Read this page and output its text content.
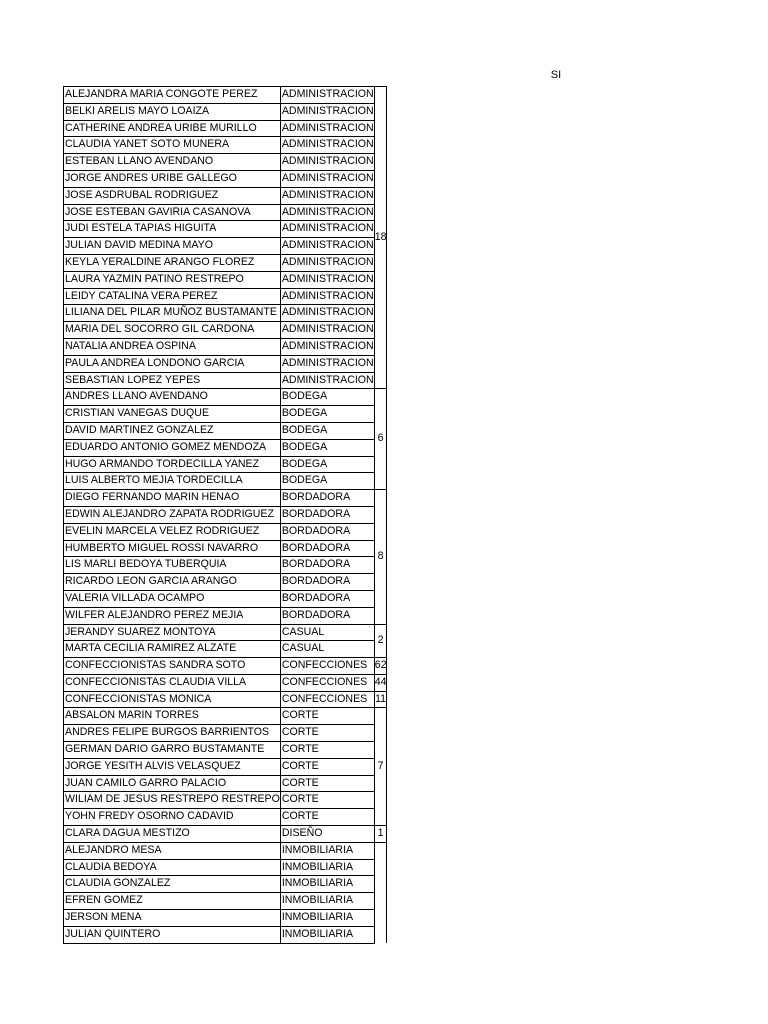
SI
ALEJANDRA MARIA CONGOTE PEREZ	ADMINISTRACION	18
BELKI ARELIS MAYO LOAIZA	ADMINISTRACION	
CATHERINE ANDREA URIBE MURILLO	ADMINISTRACION	
CLAUDIA YANET SOTO MUNERA	ADMINISTRACION	
ESTEBAN LLANO AVENDANO	ADMINISTRACION	
JORGE ANDRES URIBE GALLEGO	ADMINISTRACION	
JOSE ASDRUBAL RODRIGUEZ	ADMINISTRACION	
JOSE ESTEBAN GAVIRIA CASANOVA	ADMINISTRACION	
JUDI ESTELA TAPIAS HIGUITA	ADMINISTRACION	
JULIAN DAVID MEDINA MAYO	ADMINISTRACION	
KEYLA YERALDINE ARANGO FLOREZ	ADMINISTRACION	
LAURA YAZMIN PATINO RESTREPO	ADMINISTRACION	
LEIDY CATALINA VERA PEREZ	ADMINISTRACION	
LILIANA DEL PILAR MUÑOZ BUSTAMANTE	ADMINISTRACION	
MARIA DEL SOCORRO GIL CARDONA	ADMINISTRACION	
NATALIA ANDREA OSPINA	ADMINISTRACION	
PAULA ANDREA LONDONO GARCIA	ADMINISTRACION	
SEBASTIAN LOPEZ YEPES	ADMINISTRACION	
ANDRES LLANO AVENDANO	BODEGA	6
CRISTIAN VANEGAS DUQUE	BODEGA	
DAVID MARTINEZ GONZALEZ	BODEGA	
EDUARDO ANTONIO GOMEZ MENDOZA	BODEGA	
HUGO ARMANDO TORDECILLA YANEZ	BODEGA	
LUIS ALBERTO MEJIA TORDECILLA	BODEGA	
DIEGO FERNANDO MARIN HENAO	BORDADORA	8
EDWIN ALEJANDRO ZAPATA RODRIGUEZ	BORDADORA	
EVELIN MARCELA VELEZ RODRIGUEZ	BORDADORA	
HUMBERTO MIGUEL ROSSI NAVARRO	BORDADORA	
LIS MARLI BEDOYA TUBERQUIA	BORDADORA	
RICARDO LEON GARCIA ARANGO	BORDADORA	
VALERIA VILLADA OCAMPO	BORDADORA	
WILFER ALEJANDRO PEREZ MEJIA	BORDADORA	
JERANDY SUAREZ MONTOYA	CASUAL	2
MARTA CECILIA RAMIREZ ALZATE	CASUAL	
CONFECCIONISTAS SANDRA SOTO	CONFECCIONES	62
CONFECCIONISTAS CLAUDIA VILLA	CONFECCIONES	44
CONFECCIONISTAS MONICA	CONFECCIONES	11
ABSALON MARIN TORRES	CORTE	7
ANDRES FELIPE BURGOS BARRIENTOS	CORTE	
GERMAN DARIO GARRO BUSTAMANTE	CORTE	
JORGE YESITH ALVIS VELASQUEZ	CORTE	
JUAN CAMILO GARRO PALACIO	CORTE	
WILIAM DE JESUS RESTREPO RESTREPO	CORTE	
YOHN FREDY OSORNO CADAVID	CORTE	
CLARA DAGUA MESTIZO	DISEÑO	1
ALEJANDRO MESA	INMOBILIARIA	
CLAUDIA BEDOYA	INMOBILIARIA	
CLAUDIA GONZALEZ	INMOBILIARIA	
EFREN GOMEZ	INMOBILIARIA	
JERSON MENA	INMOBILIARIA	
JULIAN QUINTERO	INMOBILIARIA	
